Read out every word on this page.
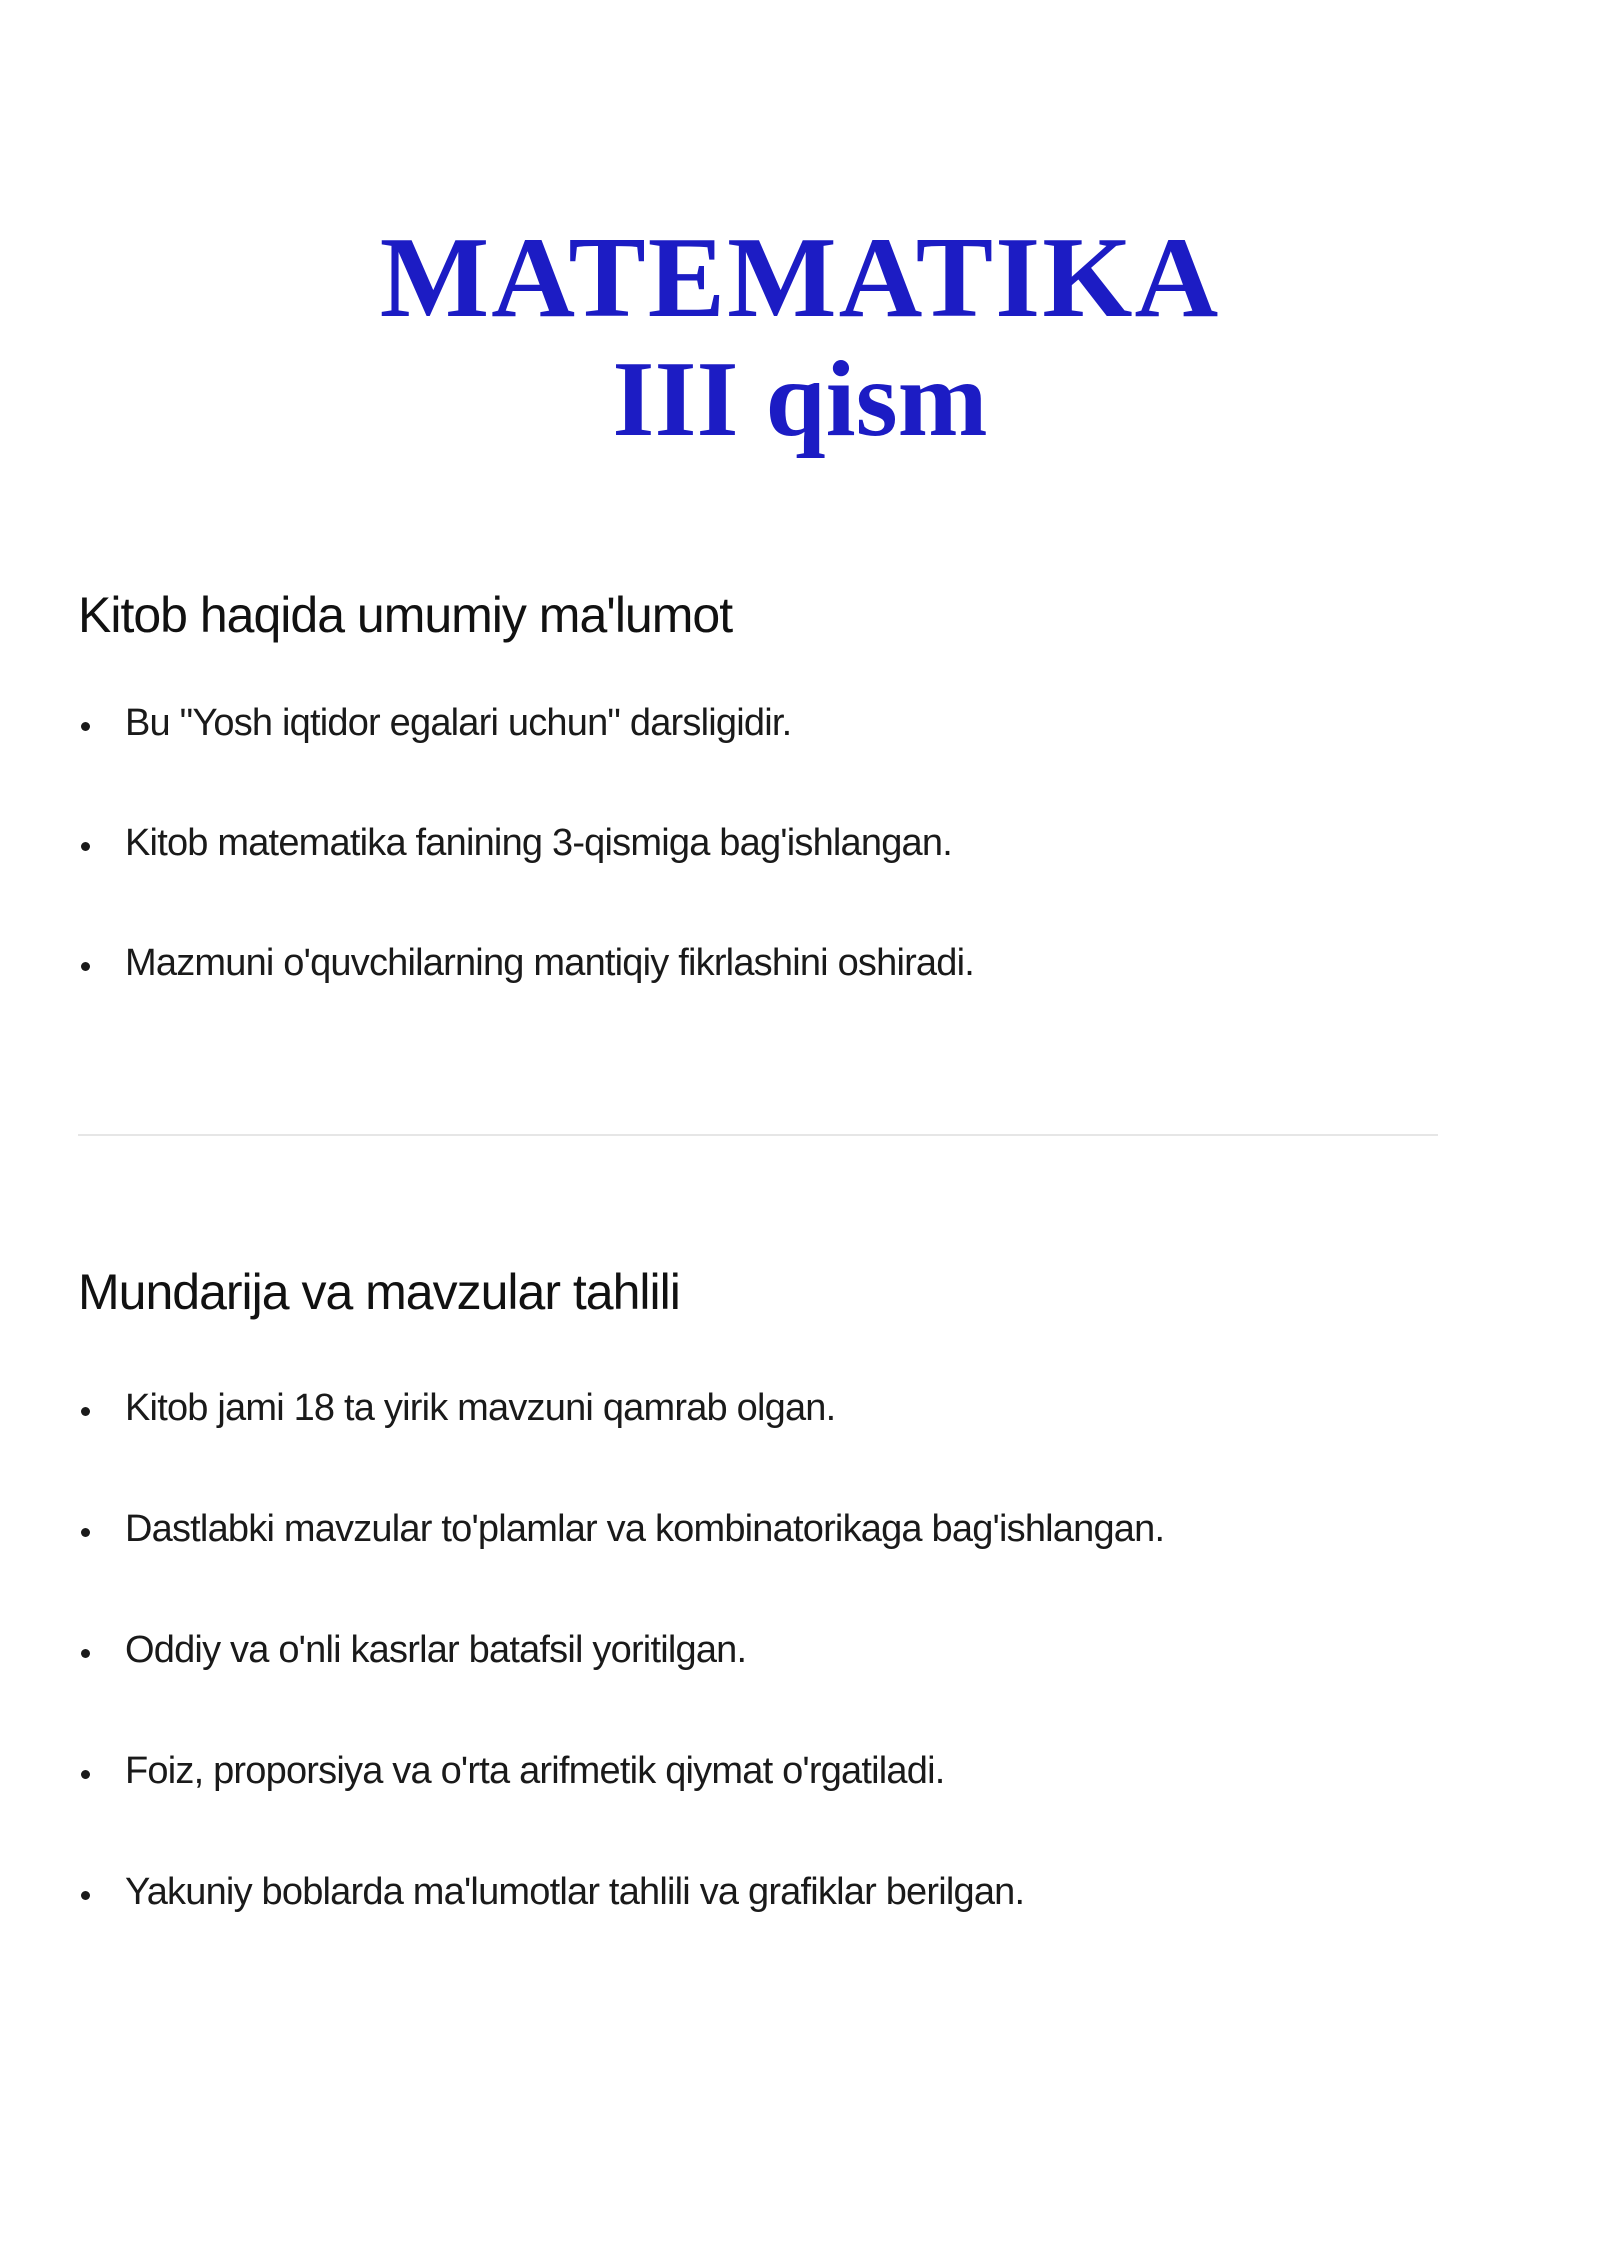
MATEMATIKA
III qism
Kitob haqida umumiy ma'lumot
Bu "Yosh iqtidor egalari uchun" darsligidir.
Kitob matematika fanining 3-qismiga bag'ishlangan.
Mazmuni o'quvchilarning mantiqiy fikrlashini oshiradi.
Mundarija va mavzular tahlili
Kitob jami 18 ta yirik mavzuni qamrab olgan.
Dastlabki mavzular to'plamlar va kombinatorikaga bag'ishlangan.
Oddiy va o'nli kasrlar batafsil yoritilgan.
Foiz, proporsiya va o'rta arifmetik qiymat o'rgatiladi.
Yakuniy boblarda ma'lumotlar tahlili va grafiklar berilgan.
